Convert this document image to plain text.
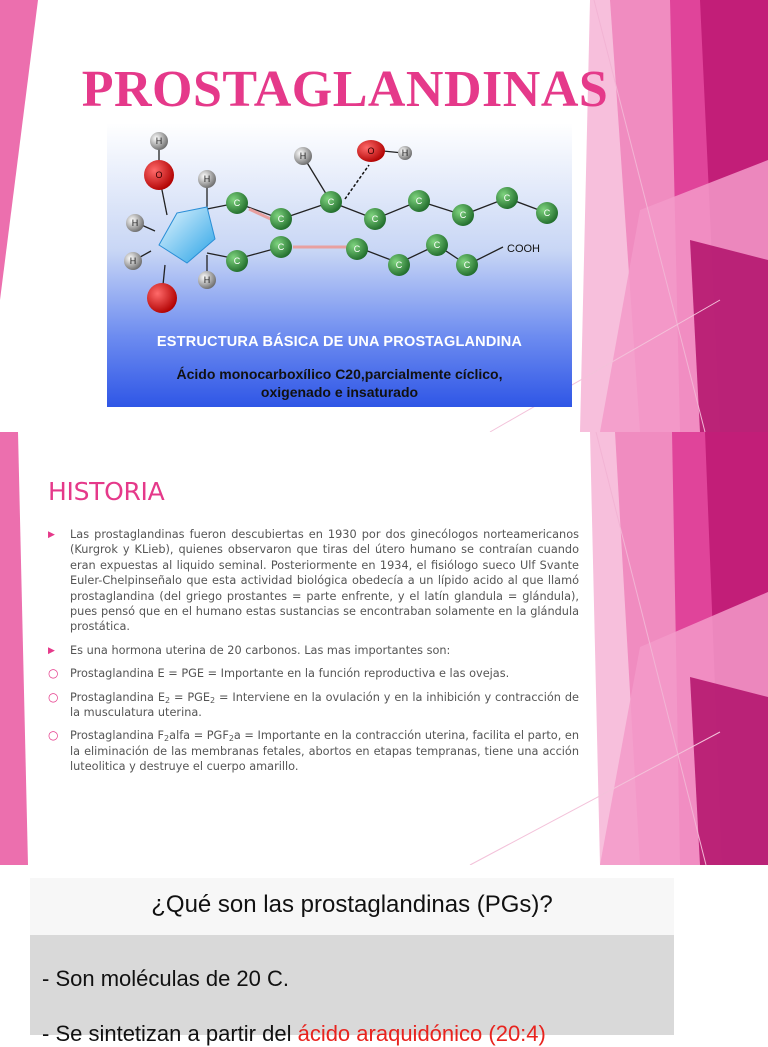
PROSTAGLANDINAS
H
O	H
H
H
H
H	O	H
C
C
C
C
C
C
C
C
C
C	C
C
C
C
COOH
ESTRUCTURA BÁSICA DE UNA PROSTAGLANDINA
Ácido monocarboxílico C20,parcialmente cíclico,
oxigenado e insaturado
HISTORIA
▶ Las prostaglandinas fueron descubiertas en 1930 por dos ginecólogos norteamericanos (Kurgrok y KLieb), quienes observaron que tiras del útero humano se contraían cuando eran expuestas al liquido seminal. Posteriormente en 1934, el fisiólogo sueco Ulf Svante Euler-Chelpinseñalo que esta actividad biológica obedecía a un lípido acido al que llamó prostaglandina (del griego prostantes = parte enfrente, y el latín glandula = glándula), pues pensó que en el humano estas sustancias se encontraban solamente en la glándula prostática.
▶ Es una hormona uterina de 20 carbonos. Las mas importantes son:
○ Prostaglandina E = PGE = Importante en la función reproductiva e las ovejas.
○ Prostaglandina $E_2 = PGE_2$ = Interviene en la ovulación y en la inhibición y contracción de la musculatura uterina.
○ Prostaglandina $F_2alfa = PGF_2a$ = Importante en la contracción uterina, facilita el parto, en la eliminación de las membranas fetales, abortos en etapas tempranas, tiene una acción luteolitica y destruye el cuerpo amarillo.
¿Qué son las prostaglandinas (PGs)?
- Son moléculas de 20 C.
- Se sintetizan a partir del ácido araquidónico (20:4)
